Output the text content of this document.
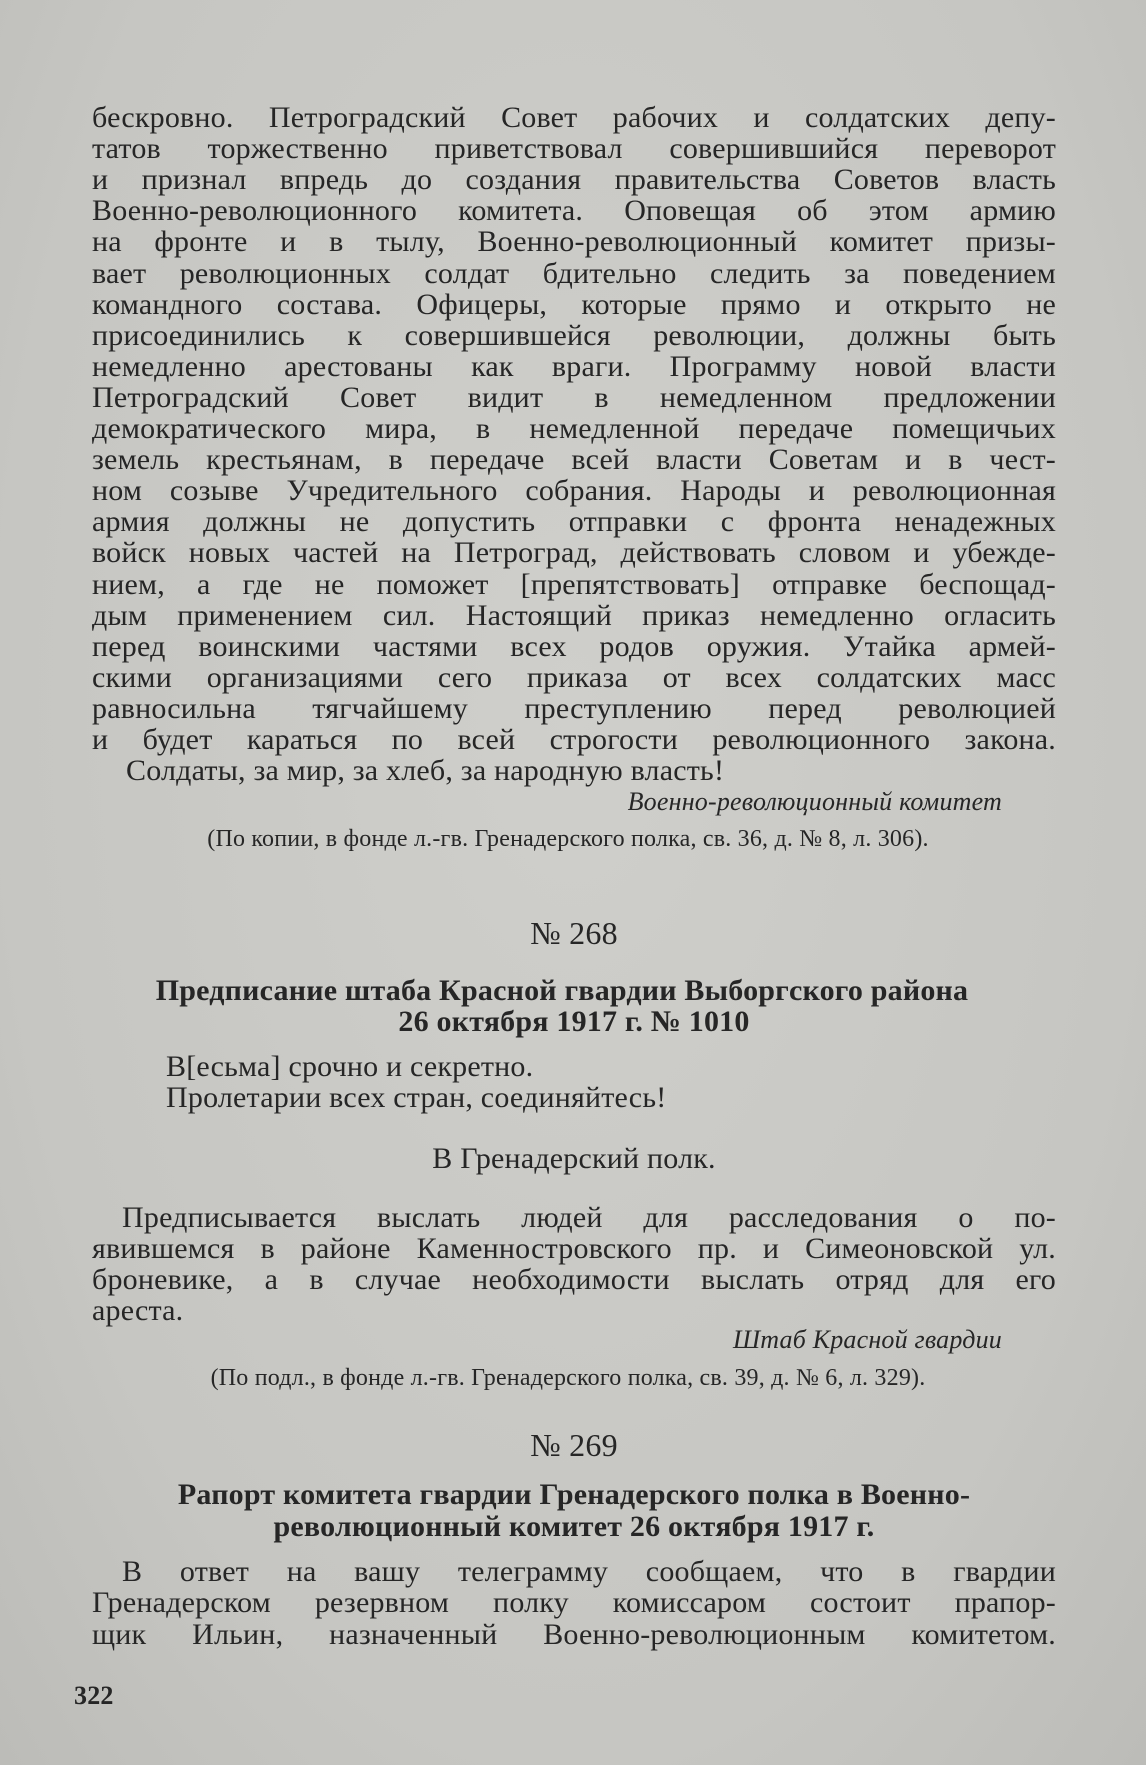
бескровно. Петроградский Совет рабочих и солдатских депу-
татов торжественно приветствовал совершившийся переворот
и признал впредь до создания правительства Советов власть
Военно-революционного комитета. Оповещая об этом армию
на фронте и в тылу, Военно-революционный комитет призы-
вает революционных солдат бдительно следить за поведением
командного состава. Офицеры, которые прямо и открыто не
присоединились к совершившейся революции, должны быть
немедленно арестованы как враги. Программу новой власти
Петроградский Совет видит в немедленном предложении
демократического мира, в немедленной передаче помещичьих
земель крестьянам, в передаче всей власти Советам и в чест-
ном созыве Учредительного собрания. Народы и революционная
армия должны не допустить отправки с фронта ненадежных
войск новых частей на Петроград, действовать словом и убежде-
нием, а где не поможет [препятствовать] отправке беспощад-
дым применением сил. Настоящий приказ немедленно огласить
перед воинскими частями всех родов оружия. Утайка армей-
скими организациями сего приказа от всех солдатских масс
равносильна тягчайшему преступлению перед революцией
и будет караться по всей строгости революционного закона.
Солдаты, за мир, за хлеб, за народную власть!
Военно-революционный комитет
(По копии, в фонде л.-гв. Гренадерского полка, св. 36, д. № 8, л. 306).
№ 268
Предписание штаба Красной гвардии Выборгского района
26 октября 1917 г. № 1010
В[есьма] срочно и секретно.
Пролетарии всех стран, соединяйтесь!
В Гренадерский полк.
Предписывается выслать людей для расследования о по-
явившемся в районе Каменностровского пр. и Симеоновской ул.
броневике, а в случае необходимости выслать отряд для его
ареста.
Штаб Красной гвардии
(По подл., в фонде л.-гв. Гренадерского полка, св. 39, д. № 6, л. 329).
№ 269
Рапорт комитета гвардии Гренадерского полка в Военно-
революционный комитет 26 октября 1917 г.
В ответ на вашу телеграмму сообщаем, что в гвардии
Гренадерском резервном полку комиссаром состоит прапор-
щик Ильин, назначенный Военно-революционным комитетом.
322
